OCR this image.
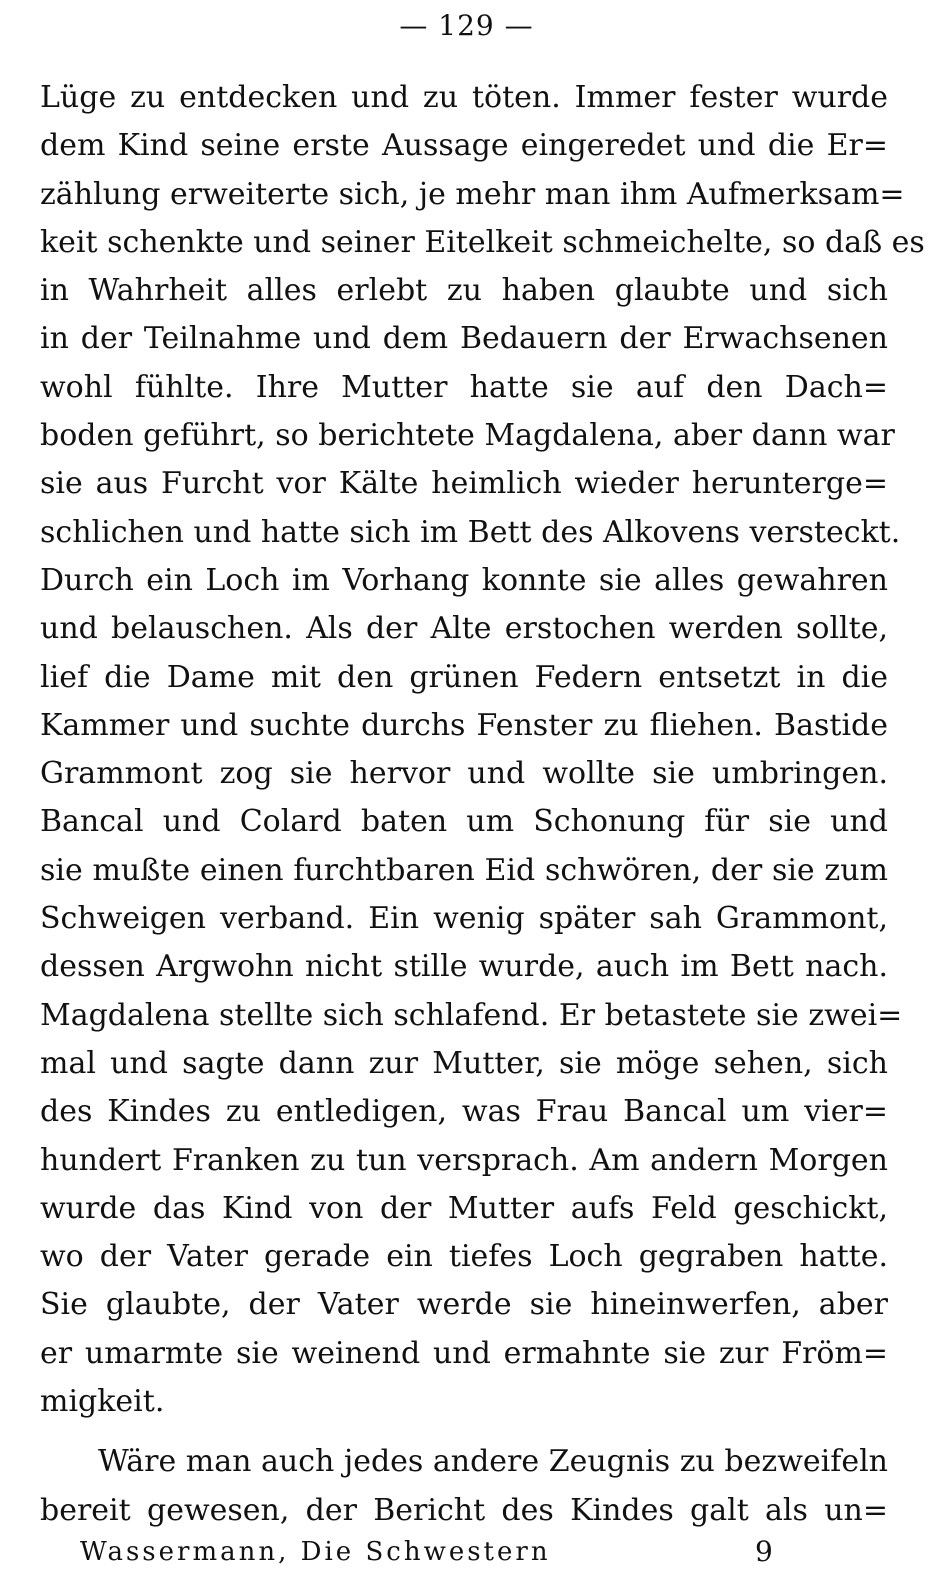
— 129 —
Lüge zu entdecken und zu töten. Immer fester wurde
dem Kind seine erste Aussage eingeredet und die Er=
zählung erweiterte sich, je mehr man ihm Aufmerksam=
keit schenkte und seiner Eitelkeit schmeichelte, so daß es
in Wahrheit alles erlebt zu haben glaubte und sich
in der Teilnahme und dem Bedauern der Erwachsenen
wohl fühlte. Ihre Mutter hatte sie auf den Dach=
boden geführt, so berichtete Magdalena, aber dann war
sie aus Furcht vor Kälte heimlich wieder herunterge=
schlichen und hatte sich im Bett des Alkovens versteckt.
Durch ein Loch im Vorhang konnte sie alles gewahren
und belauschen. Als der Alte erstochen werden sollte,
lief die Dame mit den grünen Federn entsetzt in die
Kammer und suchte durchs Fenster zu fliehen. Bastide
Grammont zog sie hervor und wollte sie umbringen.
Bancal und Colard baten um Schonung für sie und
sie mußte einen furchtbaren Eid schwören, der sie zum
Schweigen verband. Ein wenig später sah Grammont,
dessen Argwohn nicht stille wurde, auch im Bett nach.
Magdalena stellte sich schlafend. Er betastete sie zwei=
mal und sagte dann zur Mutter, sie möge sehen, sich
des Kindes zu entledigen, was Frau Bancal um vier=
hundert Franken zu tun versprach. Am andern Morgen
wurde das Kind von der Mutter aufs Feld geschickt,
wo der Vater gerade ein tiefes Loch gegraben hatte.
Sie glaubte, der Vater werde sie hineinwerfen, aber
er umarmte sie weinend und ermahnte sie zur Fröm=
migkeit.
Wäre man auch jedes andere Zeugnis zu bezweifeln
bereit gewesen, der Bericht des Kindes galt als un=
Wassermann, Die Schwestern	9
